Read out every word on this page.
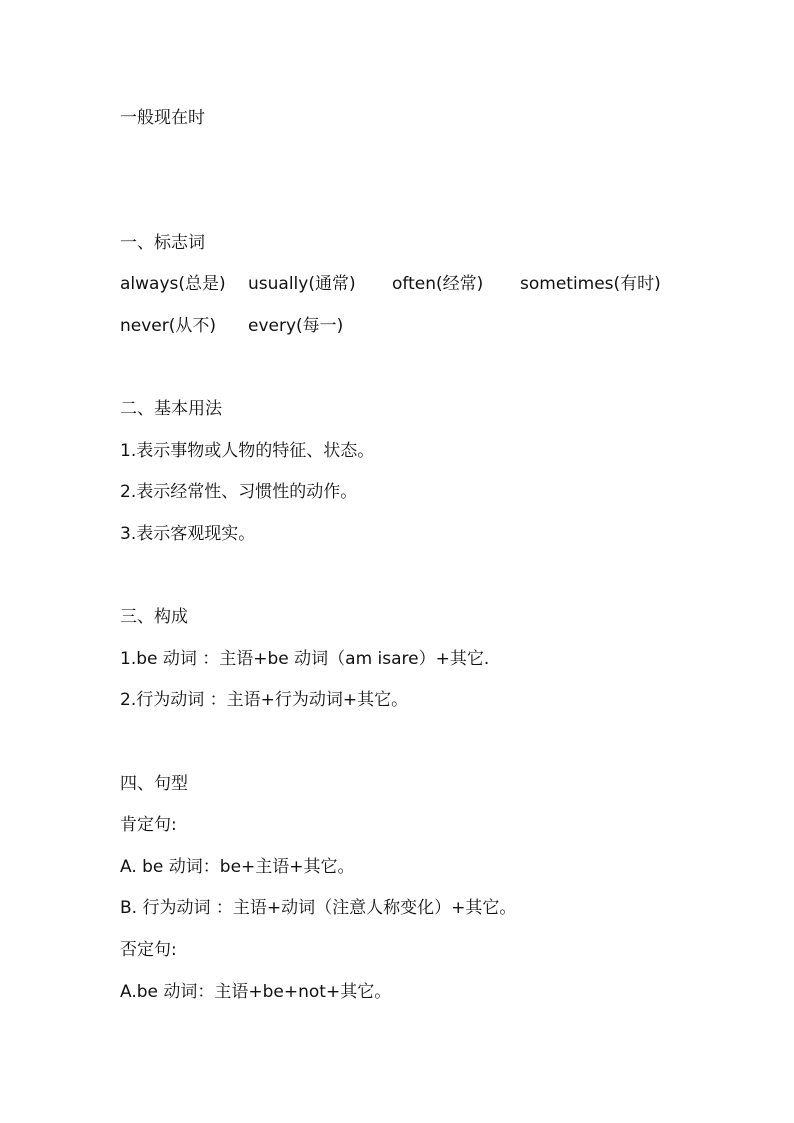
一般现在时
一、标志词
always(总是) usually(通常) often(经常) sometimes(有时)
never(从不) every(每一)
二、基本用法
1.表示事物或人物的特征、状态。
2.表示经常性、习惯性的动作。
3.表示客观现实。
三、构成
1.be 动词 ：主语+be 动词（am isare）+其它.
2.行为动词 ：主语+行为动词+其它。
四、句型
肯定句:
A. be 动词：be+主语+其它。
B. 行为动词 ：主语+动词（注意人称变化）+其它。
否定句:
A.be 动词：主语+be+not+其它。
